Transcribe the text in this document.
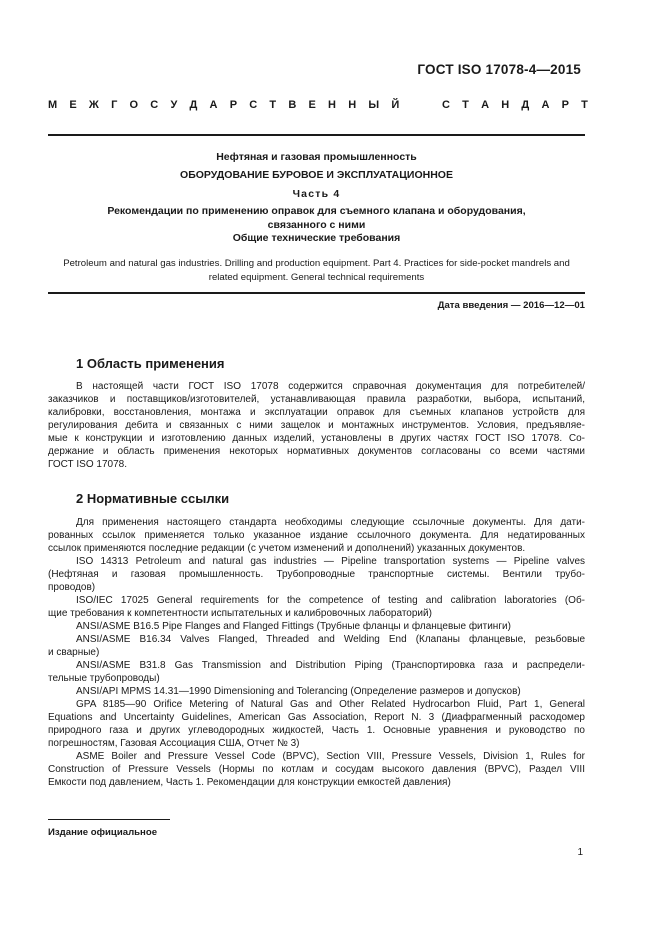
ГОСТ ISO 17078-4—2015
М Е Ж Г О С У Д А Р С Т В Е Н Н Ы Й

	С Т А Н Д А Р Т
Нефтяная и газовая промышленность
ОБОРУДОВАНИЕ БУРОВОЕ И ЭКСПЛУАТАЦИОННОЕ
Часть 4
Рекомендации по применению оправок для съемного клапана и оборудования,
связанного с ними
Общие технические требования
Petroleum and natural gas industries. Drilling and production equipment. Part 4. Practices for side-pocket mandrels and
related equipment. General technical requirements
Дата введения — 2016—12—01
1 Область применения
В настоящей части ГОСТ ISO 17078 содержится справочная документация для потребителей/
заказчиков и поставщиков/изготовителей, устанавливающая правила разработки, выбора, испытаний,
калибровки, восстановления, монтажа и эксплуатации оправок для съемных клапанов устройств для
регулирования дебита и связанных с ними защелок и монтажных инструментов. Условия, предъявляе-
мые к конструкции и изготовлению данных изделий, установлены в других частях ГОСТ ISO 17078. Со-
держание и область применения некоторых нормативных документов согласованы со всеми частями
ГОСТ ISO 17078.
2 Нормативные ссылки
Для применения настоящего стандарта необходимы следующие ссылочные документы. Для дати-
рованных ссылок применяется только указанное издание ссылочного документа. Для недатированных
ссылок применяются последние редакции (с учетом изменений и дополнений) указанных документов.
ISO 14313 Petroleum and natural gas industries — Pipeline transportation systems — Pipeline valves
(Нефтяная и газовая промышленность. Трубопроводные транспортные системы. Вентили трубо-
проводов)
ISO/IEC 17025 General requirements for the competence of testing and calibration laboratories (Об-
щие требования к компетентности испытательных и калибровочных лабораторий)
ANSI/ASME B16.5 Pipe Flanges and Flanged Fittings (Трубные фланцы и фланцевые фитинги)
ANSI/ASME B16.34 Valves Flanged, Threaded and Welding End (Клапаны фланцевые, резьбовые
и сварные)
ANSI/ASME B31.8 Gas Transmission and Distribution Piping (Транспортировка газа и распредели-
тельные трубопроводы)
ANSI/API MPMS 14.31—1990 Dimensioning and Tolerancing (Определение размеров и допусков)
GPA 8185—90 Orifice Metering of Natural Gas and Other Related Hydrocarbon Fluid, Part 1, General
Equations and Uncertainty Guidelines, American Gas Association, Report N. 3 (Диафрагменный расходомер
природного газа и других углеводородных жидкостей, Часть 1. Основные уравнения и руководство по
погрешностям, Газовая Ассоциация США, Отчет № 3)
ASME Boiler and Pressure Vessel Code (BPVC), Section VIII, Pressure Vessels, Division 1, Rules for
Construction of Pressure Vessels (Нормы по котлам и сосудам высокого давления (BPVC), Раздел VIII
Емкости под давлением, Часть 1. Рекомендации для конструкции емкостей давления)
Издание официальное
1
